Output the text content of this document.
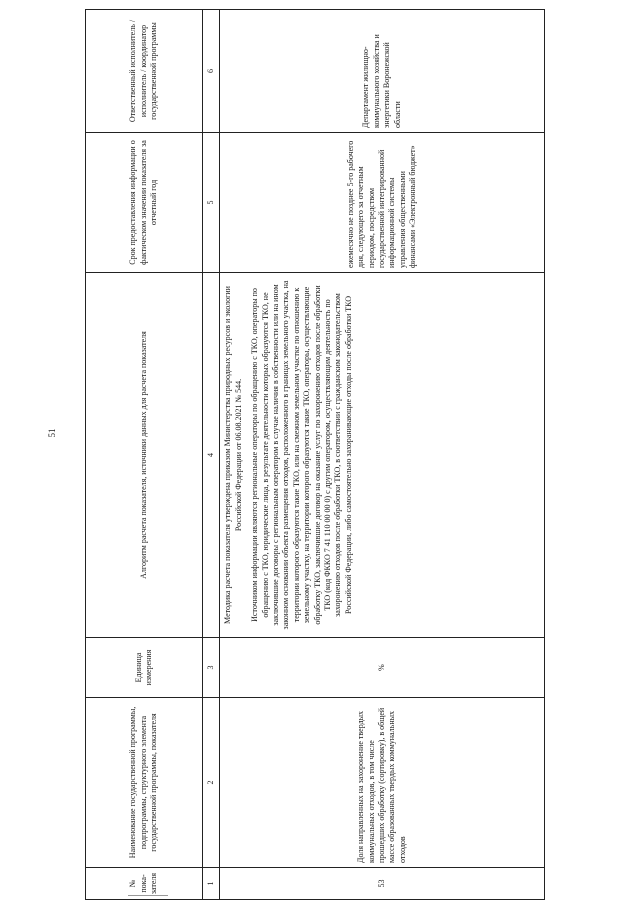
51
№ пока-зателя	Наименование государственной программы, подпрограммы, структурного элемента государственной программы, показателя	Единица измерения	Алгоритм расчета показателя, источники данных для расчета показателя	Срок предоставления информации о фактическом значении показателя за отчетный год	Ответственный исполнитель / исполнитель / координатор государственной программы
1	2	3	4	5	6
53	Доля направленных на захоронение твердых коммунальных отходов, в том числе прошедших обработку (сортировку), в общей массе образованных твердых коммунальных отходов	%	Методика расчета показателя утверждена приказом Министерства природных ресурсов и экологии Российской Федерации от 06.08.2021 № 544. Источником информации являются региональные операторы по обращению с ТКО, операторы по обращению с ТКО, юридические лица, в результате деятельности которых образуются ТКО, не заключившие договоры с региональным оператором в случае наличия в собственности или на ином законном основании объекта размещения отходов, расположенного в границах земельного участка, на территории которого образуются такие ТКО, или на смежном земельном участке по отношению к земельному участку, на территории которого образуются такие ТКО, операторы, осуществляющие обработку ТКО, заключившие договор на оказание услуг по захоронению отходов после обработки ТКО (код ФККО 7 41 110 00 00 0) с другим оператором, осуществляющим деятельность по захоронению отходов после обработки ТКО, в соответствии с гражданским законодательством Российской Федерации, либо самостоятельно захоранивающие отходы после обработки ТКО	ежемесячно не позднее 5-го рабочего дня, следующего за отчетным периодом, посредством государственной интегрированной информационной системы управления общественными финансами «Электронный бюджет»	Департамент жилищно-коммунального хозяйства и энергетики Воронежской области
